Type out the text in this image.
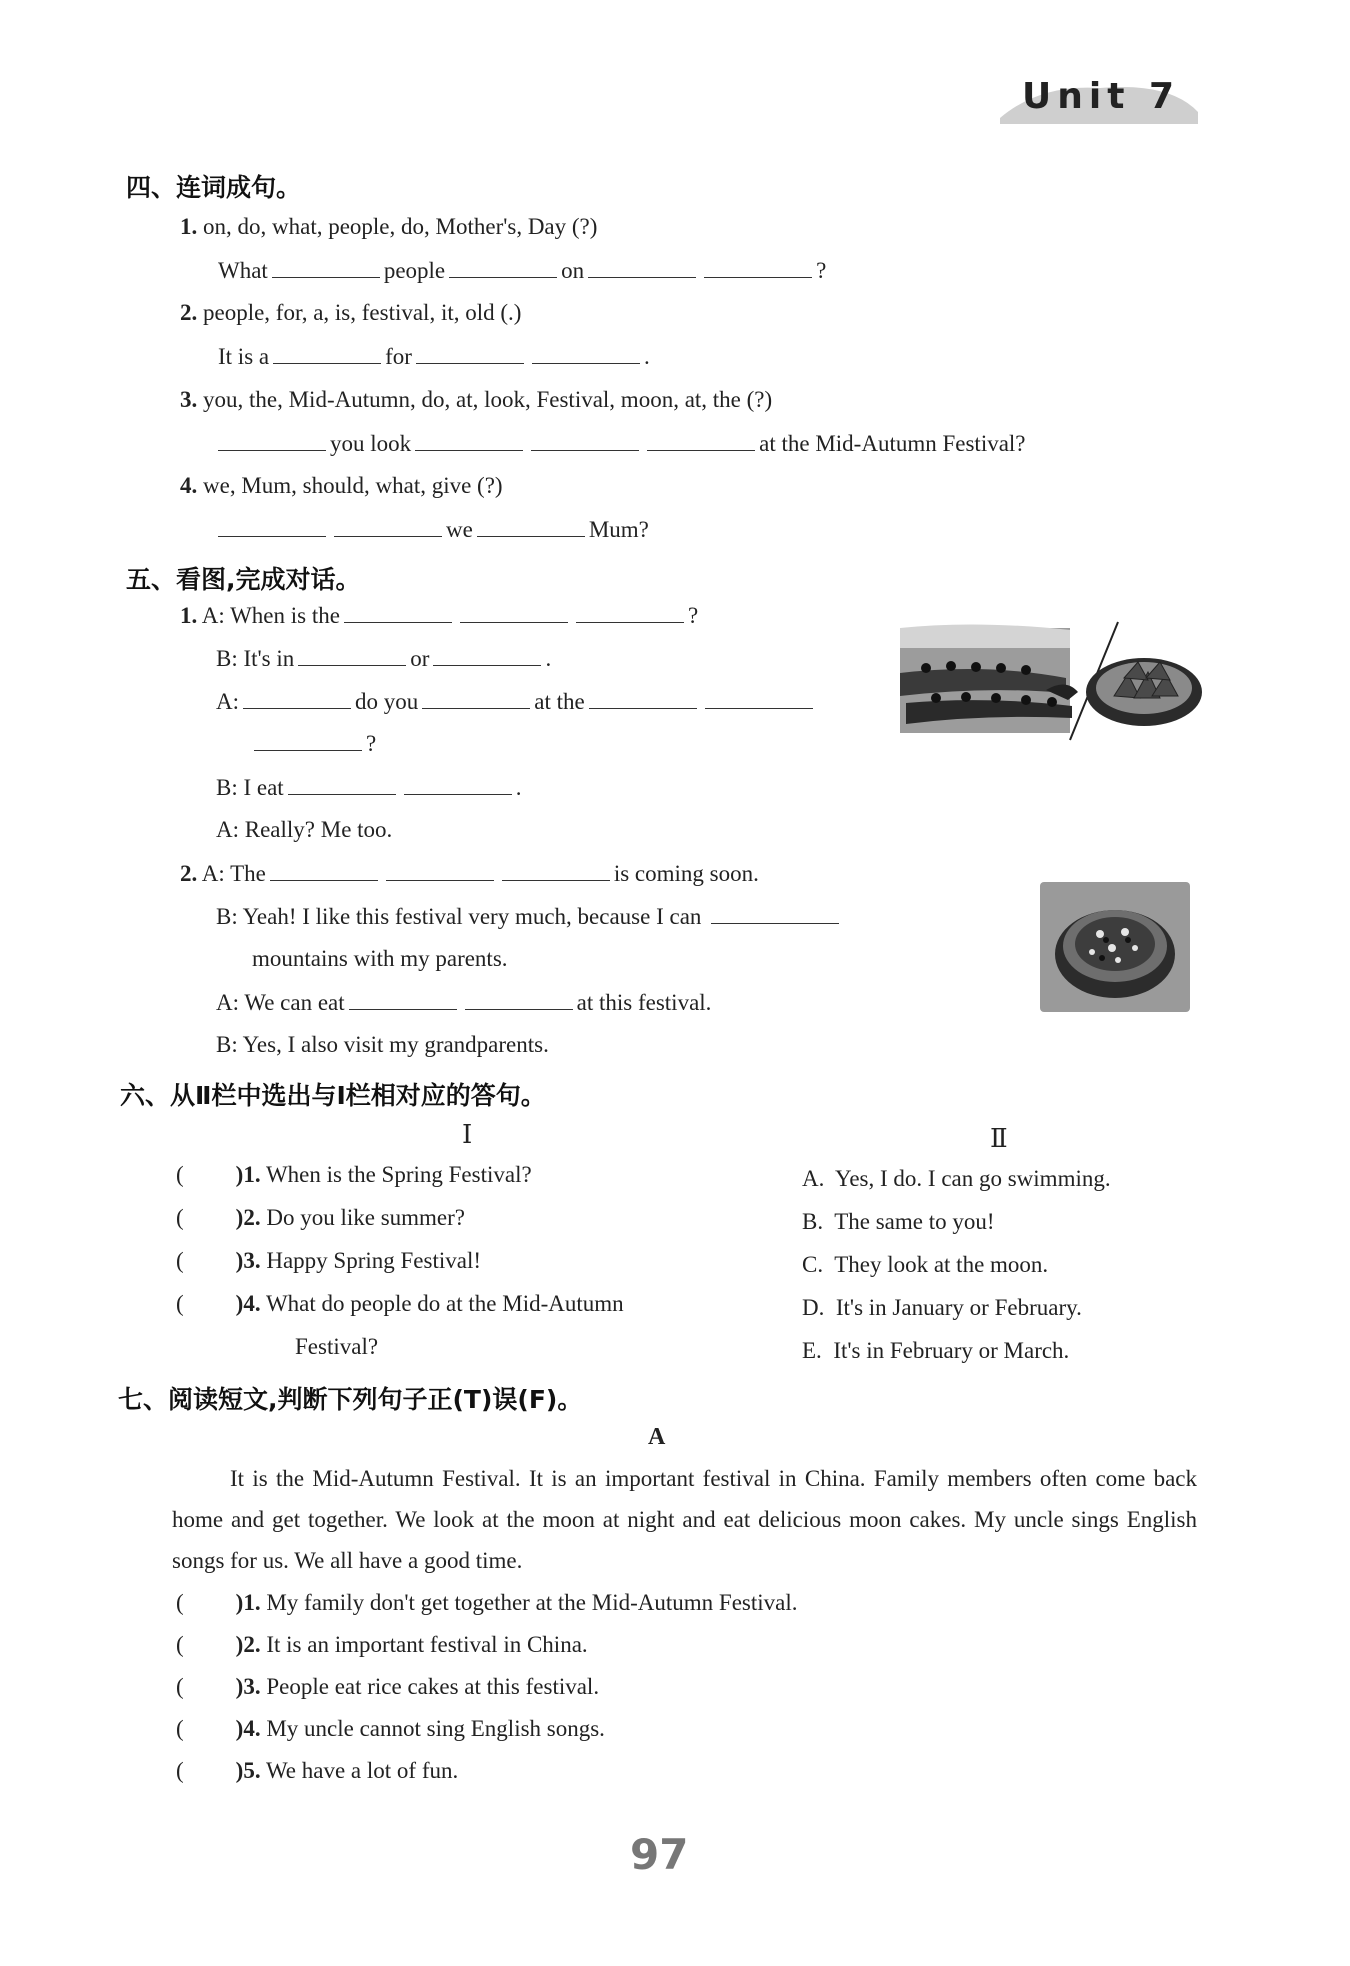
Unit 7
四、连词成句。
1. on, do, what, people, do, Mother's, Day (?)
What	people	on	?
2. people, for, a, is, festival, it, old (.)
It is a	for	.
3. you, the, Mid-Autumn, do, at, look, Festival, moon, at, the (?)
you look	at the Mid-Autumn Festival?
4. we, Mum, should, what, give (?)
we	Mum?
五、看图,完成对话。
1. A: When is the	?
B: It's in	or	.
A:	do you	at the
?
B: I eat	.
A: Really? Me too.
2. A: The	is coming soon.
B: Yeah! I like this festival very much, because I can
mountains with my parents.
A: We can eat	at this festival.
B: Yes, I also visit my grandparents.
六、从Ⅱ栏中选出与Ⅰ栏相对应的答句。
Ⅰ	Ⅱ
( )1. When is the Spring Festival?
( )2. Do you like summer?
( )3. Happy Spring Festival!
( )4. What do people do at the Mid-Autumn
Festival?
A. Yes, I do. I can go swimming.
B. The same to you!
C. They look at the moon.
D. It's in January or February.
E. It's in February or March.
七、阅读短文,判断下列句子正(T)误(F)。
A
It is the Mid-Autumn Festival. It is an important festival in China. Family members often come back home and get together. We look at the moon at night and eat delicious moon cakes. My uncle sings English songs for us. We all have a good time.
( )1. My family don't get together at the Mid-Autumn Festival.
( )2. It is an important festival in China.
( )3. People eat rice cakes at this festival.
( )4. My uncle cannot sing English songs.
( )5. We have a lot of fun.
97
